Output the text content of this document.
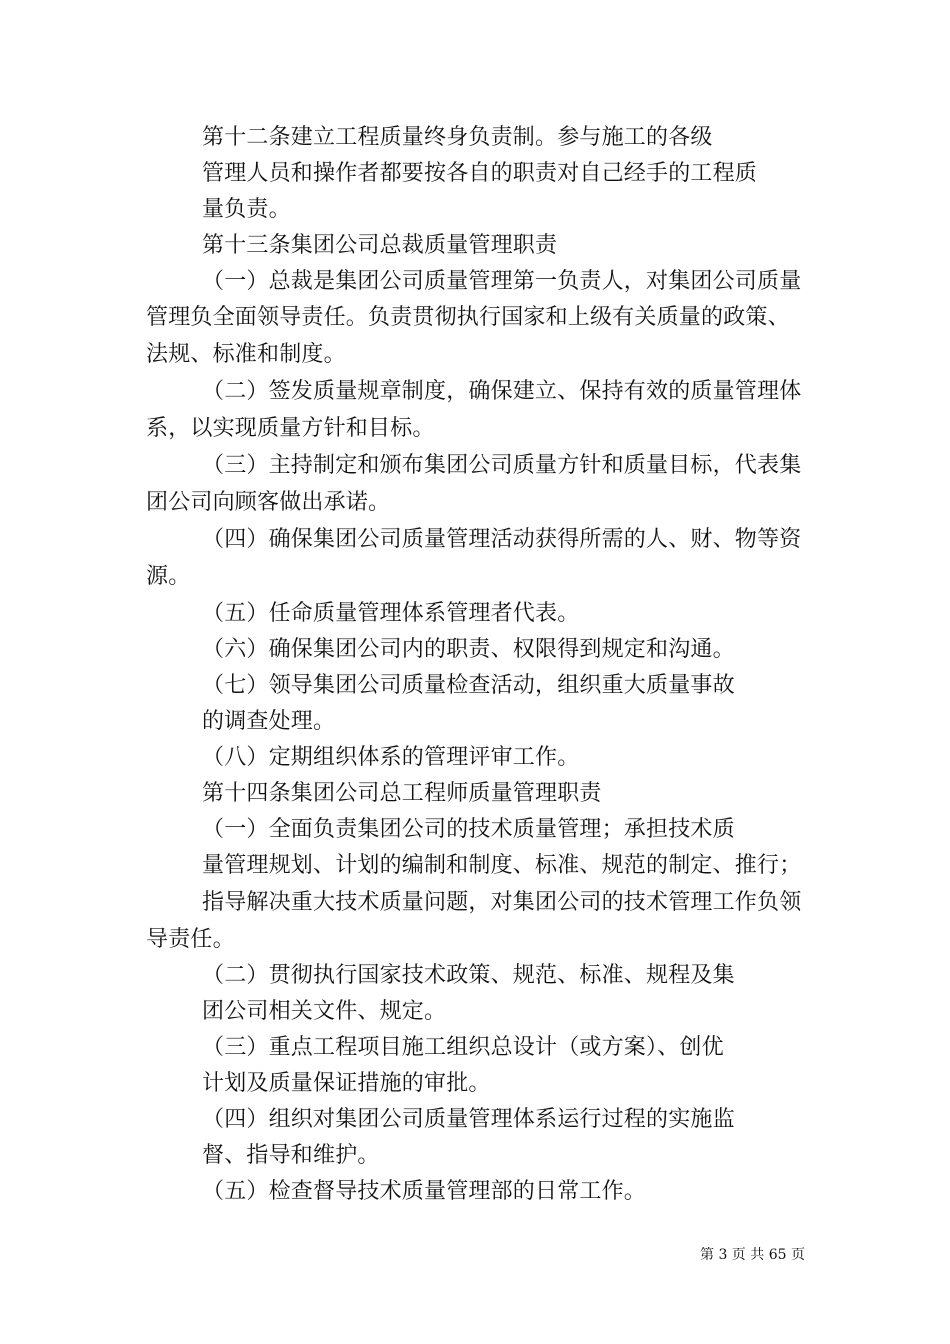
第十二条建立工程质量终身负责制。参与施工的各级
管理人员和操作者都要按各自的职责对自己经手的工程质
量负责。
第十三条集团公司总裁质量管理职责
（一）总裁是集团公司质量管理第一负责人，对集团公司质量
管理负全面领导责任。负责贯彻执行国家和上级有关质量的政策、
法规、标准和制度。
（二）签发质量规章制度，确保建立、保持有效的质量管理体
系，以实现质量方针和目标。
（三）主持制定和颁布集团公司质量方针和质量目标，代表集
团公司向顾客做出承诺。
（四）确保集团公司质量管理活动获得所需的人、财、物等资
源。
（五）任命质量管理体系管理者代表。
（六）确保集团公司内的职责、权限得到规定和沟通。
（七）领导集团公司质量检查活动，组织重大质量事故
的调查处理。
（八）定期组织体系的管理评审工作。
第十四条集团公司总工程师质量管理职责
（一）全面负责集团公司的技术质量管理；承担技术质
量管理规划、计划的编制和制度、标准、规范的制定、推行；
指导解决重大技术质量问题，对集团公司的技术管理工作负领
导责任。
（二）贯彻执行国家技术政策、规范、标准、规程及集
团公司相关文件、规定。
（三）重点工程项目施工组织总设计（或方案）、创优
计划及质量保证措施的审批。
（四）组织对集团公司质量管理体系运行过程的实施监
督、指导和维护。
（五）检查督导技术质量管理部的日常工作。
第 3 页 共 65 页
